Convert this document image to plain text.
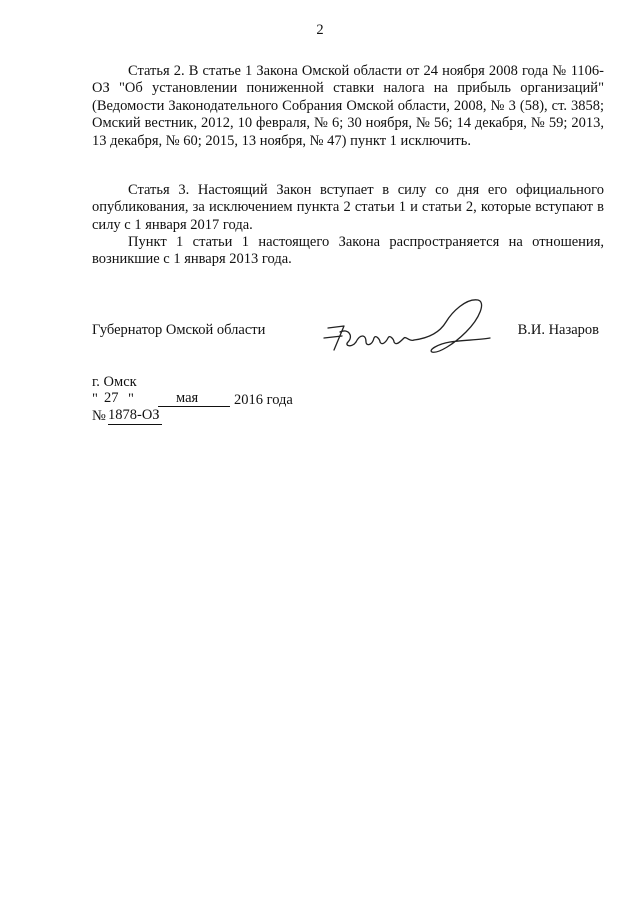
2
Статья 2. В статье 1 Закона Омской области от 24 ноября 2008 года № 1106-ОЗ "Об установлении пониженной ставки налога на прибыль организаций" (Ведомости Законодательного Собрания Омской области, 2008, № 3 (58), ст. 3858; Омский вестник, 2012, 10 февраля, № 6; 30 ноября, № 56; 14 декабря, № 59; 2013, 13 декабря, № 60; 2015, 13 ноября, № 47) пункт 1 исключить.
Статья 3. Настоящий Закон вступает в силу со дня его официального опубликования, за исключением пункта 2 статьи 1 и статьи 2, которые вступают в силу с 1 января 2017 года.
Пункт 1 статьи 1 настоящего Закона распространяется на отношения, возникшие с 1 января 2013 года.
Губернатор Омской области	В.И. Назаров
г. Омск
" 27 "	мая 2016 года
№ 1878-ОЗ
